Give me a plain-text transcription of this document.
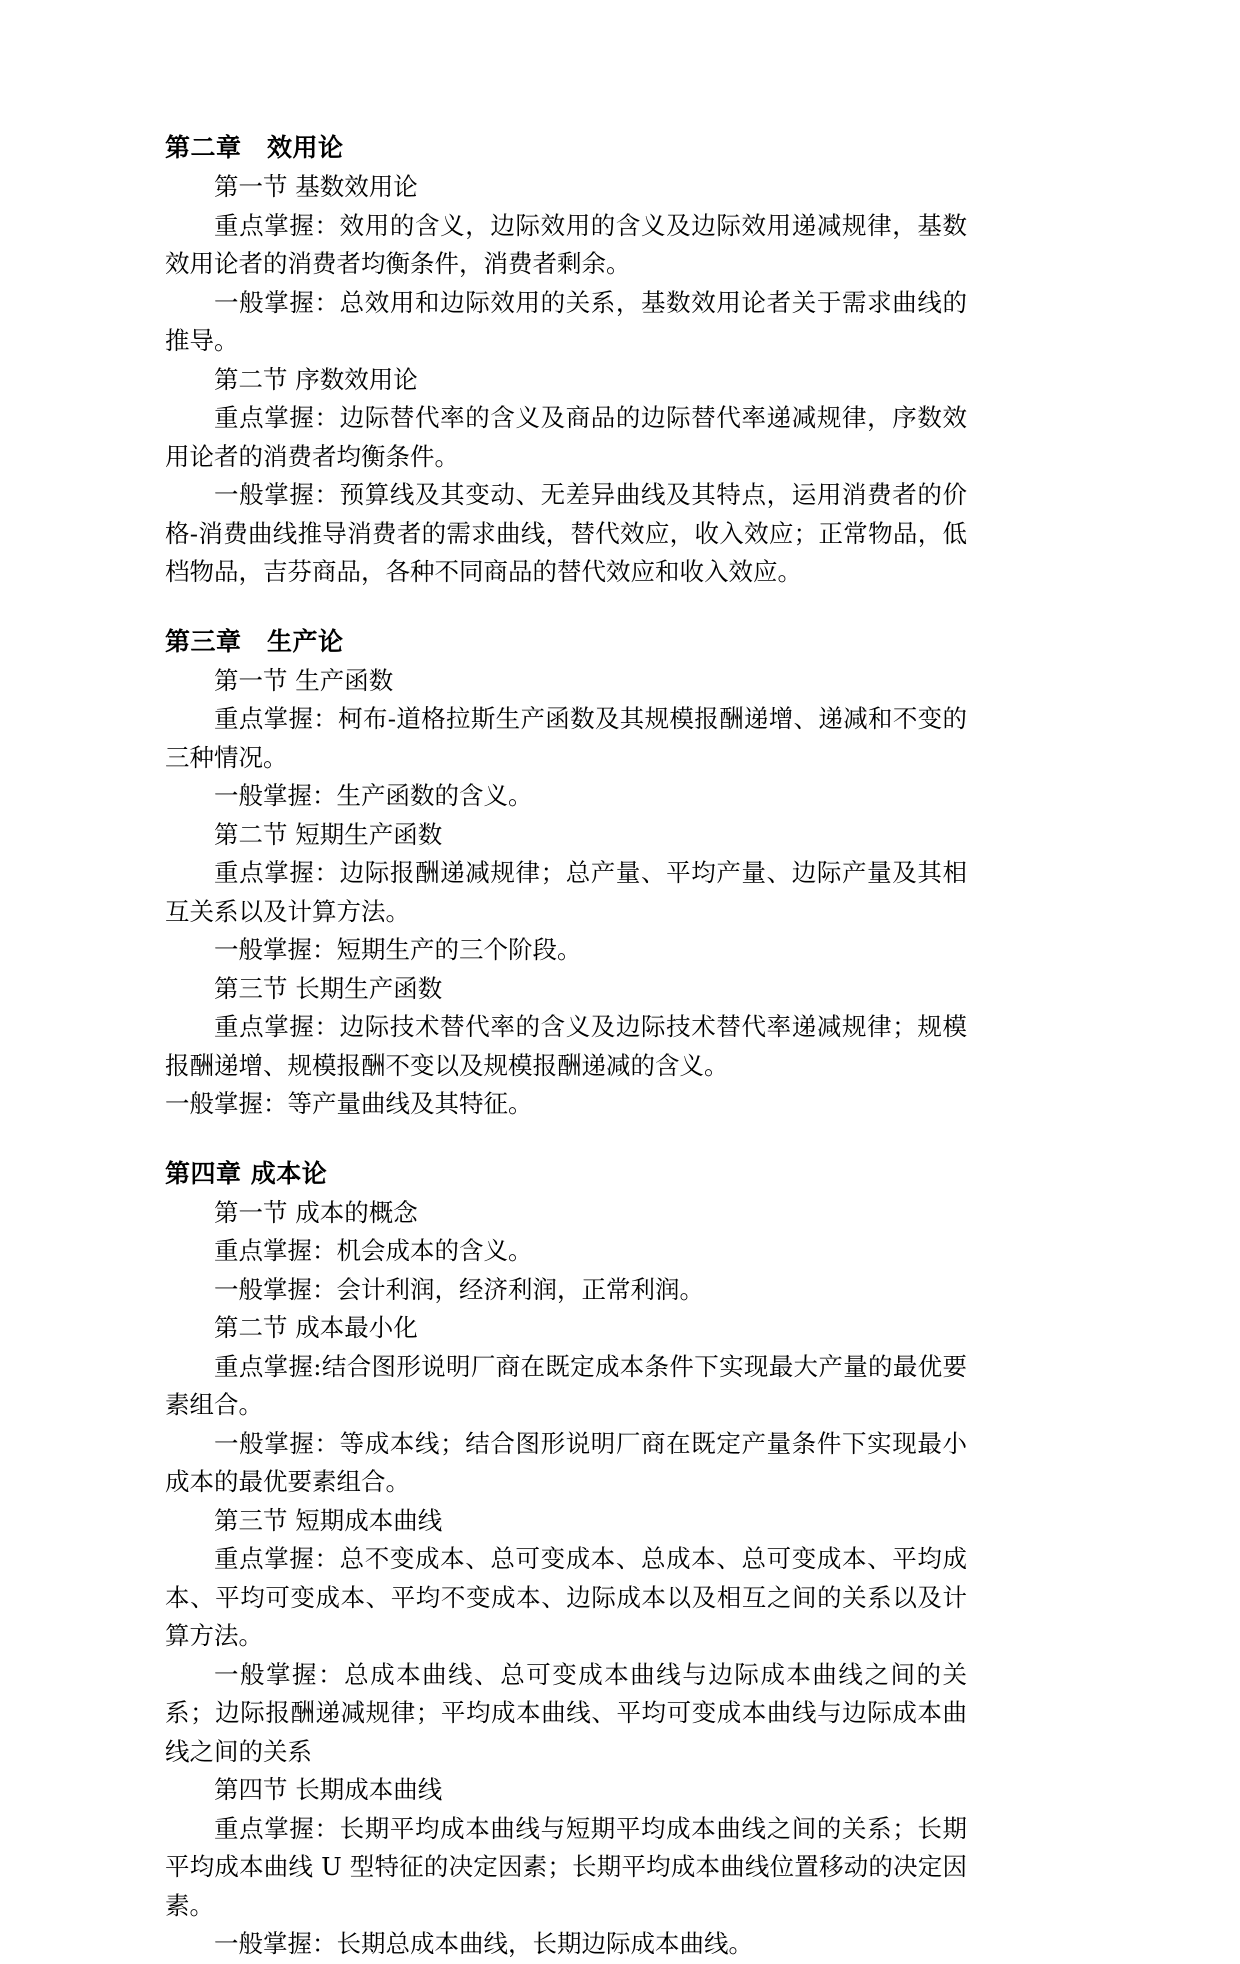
第二章　效用论

第一节 基数效用论

重点掌握：效用的含义，边际效用的含义及边际效用递减规律，基数效用论者的消费者均衡条件，消费者剩余。

一般掌握：总效用和边际效用的关系，基数效用论者关于需求曲线的推导。

第二节 序数效用论

重点掌握：边际替代率的含义及商品的边际替代率递减规律，序数效用论者的消费者均衡条件。

一般掌握：预算线及其变动、无差异曲线及其特点，运用消费者的价格-消费曲线推导消费者的需求曲线，替代效应，收入效应；正常物品，低档物品，吉芬商品，各种不同商品的替代效应和收入效应。

第三章　生产论

第一节 生产函数

重点掌握：柯布-道格拉斯生产函数及其规模报酬递增、递减和不变的三种情况。

一般掌握：生产函数的含义。

第二节 短期生产函数

重点掌握：边际报酬递减规律；总产量、平均产量、边际产量及其相互关系以及计算方法。

一般掌握：短期生产的三个阶段。

第三节 长期生产函数

重点掌握：边际技术替代率的含义及边际技术替代率递减规律；规模报酬递增、规模报酬不变以及规模报酬递减的含义。

一般掌握：等产量曲线及其特征。

第四章 成本论

第一节 成本的概念

重点掌握：机会成本的含义。

一般掌握：会计利润，经济利润，正常利润。

第二节 成本最小化

重点掌握:结合图形说明厂商在既定成本条件下实现最大产量的最优要素组合。

一般掌握：等成本线；结合图形说明厂商在既定产量条件下实现最小成本的最优要素组合。

第三节 短期成本曲线

重点掌握：总不变成本、总可变成本、总成本、总可变成本、平均成本、平均可变成本、平均不变成本、边际成本以及相互之间的关系以及计算方法。

一般掌握：总成本曲线、总可变成本曲线与边际成本曲线之间的关系；边际报酬递减规律；平均成本曲线、平均可变成本曲线与边际成本曲线之间的关系

第四节 长期成本曲线

重点掌握：长期平均成本曲线与短期平均成本曲线之间的关系；长期平均成本曲线 U 型特征的决定因素；长期平均成本曲线位置移动的决定因素。

一般掌握：长期总成本曲线，长期边际成本曲线。
